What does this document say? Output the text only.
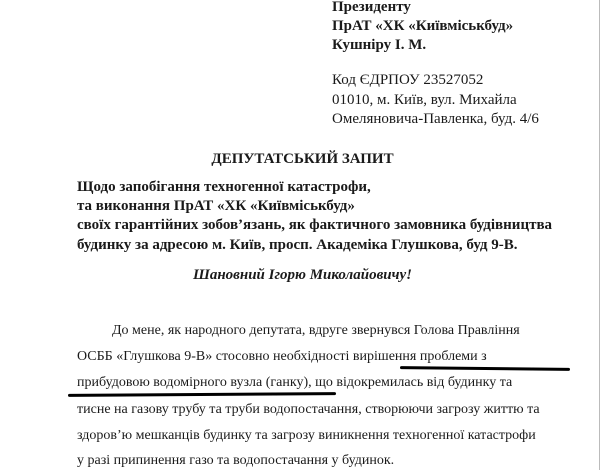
Президенту
ПрАТ «ХК «Київміськбуд»
Кушніру І. М.
Код ЄДРПОУ 23527052
01010, м. Київ, вул. Михайла
Омеляновича-Павленка, буд. 4/6
ДЕПУТАТСЬКИЙ ЗАПИТ
Щодо запобігання техногенної катастрофи,
та виконання ПрАТ «ХК «Київміськбуд»
своїх гарантійних зобов’язань, як фактичного замовника будівництва
будинку за адресою м. Київ, просп. Академіка Глушкова, буд 9-В.
Шановний Ігорю Миколайовичу!
До мене, як народного депутата, вдруге звернувся Голова Правління
ОСББ «Глушкова 9-В» стосовно необхідності вирішення проблеми з
прибудовою водомірного вузла (ганку), що відокремилась від будинку та
тисне на газову трубу та труби водопостачання, створюючи загрозу життю та
здоров’ю мешканців будинку та загрозу виникнення техногенної катастрофи
у разі припинення газо та водопостачання у будинок.
